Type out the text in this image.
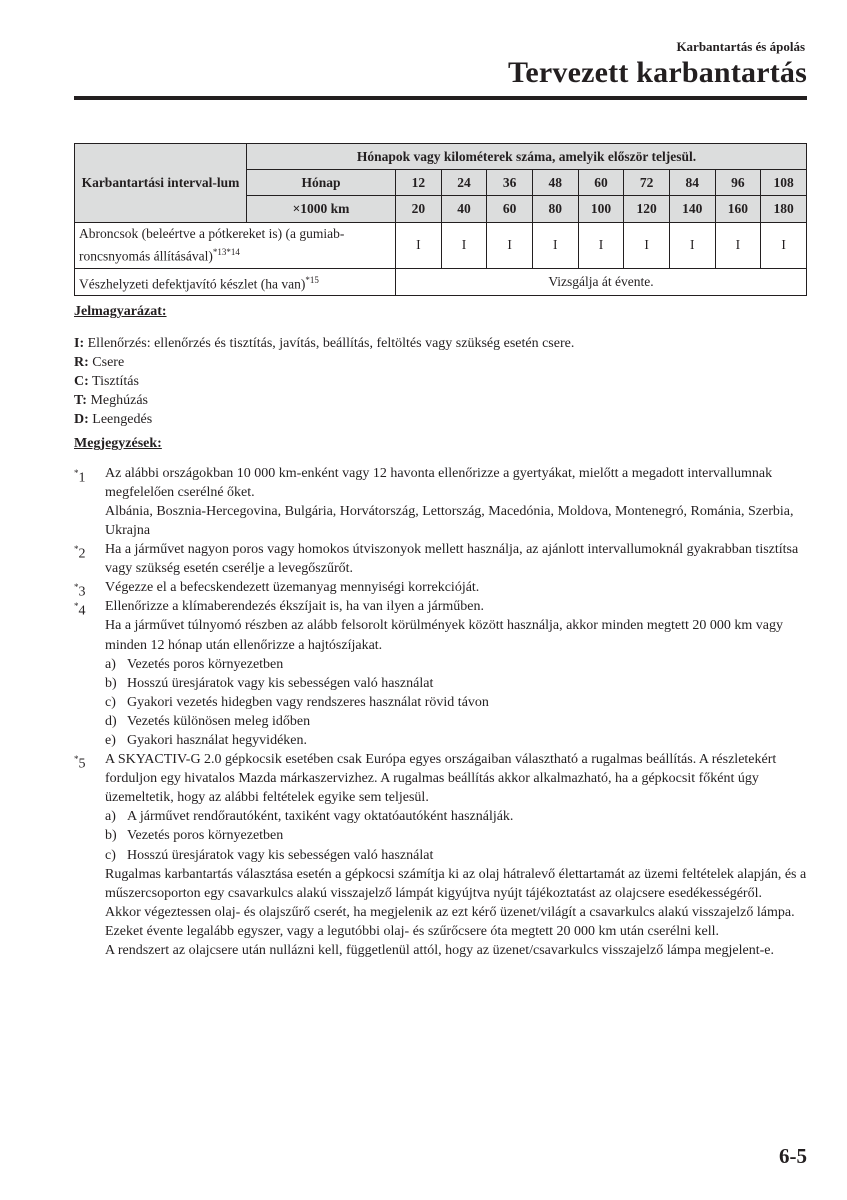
Karbantartás és ápolás
Tervezett karbantartás
Karbantartási interval-lum	Hónapok vagy kilométerek száma, amelyik először teljesül.									
	Hónap	12	24	36	48	60	72	84	96	108
	×1000 km	20	40	60	80	100	120	140	160	180
Abroncsok (beleértve a pótkereket is) (a gumiab-roncsnyomás állításával)$^{*13*14}$		I	I	I	I	I	I	I	I	I
Vészhelyzeti defektjavító készlet (ha van)$^{*15}$		Vizsgálja át évente.								

Jelmagyarázat:

I: Ellenőrzés: ellenőrzés és tisztítás, javítás, beállítás, feltöltés vagy szükség esetén csere.

R: Csere

C: Tisztítás

T: Meghúzás

D: Leengedés

Megjegyzések:

*1 Az alábbi országokban 10 000 km-enként vagy 12 havonta ellenőrizze a gyertyákat, mielőtt a megadott intervallumnak megfelelően cserélné őket.

Albánia, Bosznia-Hercegovina, Bulgária, Horvátország, Lettország, Macedónia, Moldova, Montenegró, Románia, Szerbia, Ukrajna

*2 Ha a járművet nagyon poros vagy homokos útviszonyok mellett használja, az ajánlott intervallumoknál gyakrabban tisztítsa vagy szükség esetén cserélje a levegőszűrőt.

*3 Végezze el a befecskendezett üzemanyag mennyiségi korrekcióját.

*4 Ellenőrizze a klímaberendezés ékszíjait is, ha van ilyen a járműben.

Ha a járművet túlnyomó részben az alább felsorolt körülmények között használja, akkor minden megtett 20 000 km vagy minden 12 hónap után ellenőrizze a hajtószíjakat.

a) Vezetés poros környezetben
b) Hosszú üresjáratok vagy kis sebességen való használat
c) Gyakori vezetés hidegben vagy rendszeres használat rövid távon
d) Vezetés különösen meleg időben
e) Gyakori használat hegyvidéken.
*5 A SKYACTIV-G 2.0 gépkocsik esetében csak Európa egyes országaiban választható a rugalmas beállítás. A részletekért forduljon egy hivatalos Mazda márkaszervizhez. A rugalmas beállítás akkor alkalmazható, ha a gépkocsit főként úgy üzemeltetik, hogy az alábbi feltételek egyike sem teljesül.

a) A járművet rendőrautóként, taxiként vagy oktatóautóként használják.
b) Vezetés poros környezetben
c) Hosszú üresjáratok vagy kis sebességen való használat

Rugalmas karbantartás választása esetén a gépkocsi számítja ki az olaj hátralevő élettartamát az üzemi feltételek alapján, és a műszercsoporton egy csavarkulcs alakú visszajelző lámpát kigyújtva nyújt tájékoztatást az olajcsere esedékességéről.

Akkor végeztessen olaj- és olajszűrő cserét, ha megjelenik az ezt kérő üzenet/világít a csavarkulcs alakú visszajelző lámpa. Ezeket évente legalább egyszer, vagy a legutóbbi olaj- és szűrőcsere óta megtett 20 000 km után cserélni kell.

A rendszert az olajcsere után nullázni kell, függetlenül attól, hogy az üzenet/csavarkulcs visszajelző lámpa megjelent-e.

6-5
